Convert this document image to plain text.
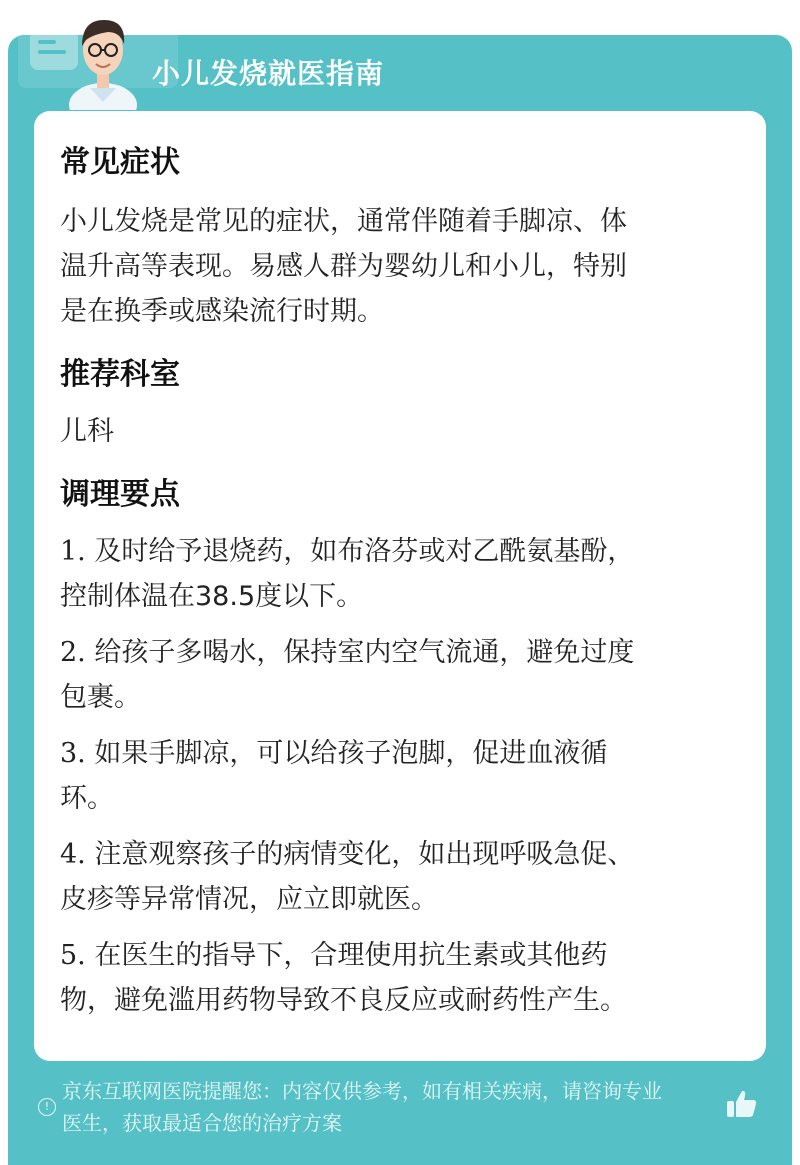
小儿发烧就医指南
常见症状
小儿发烧是常见的症状，通常伴随着手脚凉、体
温升高等表现。易感人群为婴幼儿和小儿，特别
是在换季或感染流行时期。
推荐科室
儿科
调理要点
1. 及时给予退烧药，如布洛芬或对乙酰氨基酚，
控制体温在38.5度以下。
2. 给孩子多喝水，保持室内空气流通，避免过度
包裹。
3. 如果手脚凉，可以给孩子泡脚，促进血液循
环。
4. 注意观察孩子的病情变化，如出现呼吸急促、
皮疹等异常情况，应立即就医。
5. 在医生的指导下，合理使用抗生素或其他药
物，避免滥用药物导致不良反应或耐药性产生。
!
京东互联网医院提醒您：内容仅供参考，如有相关疾病，请咨询专业
医生，获取最适合您的治疗方案
